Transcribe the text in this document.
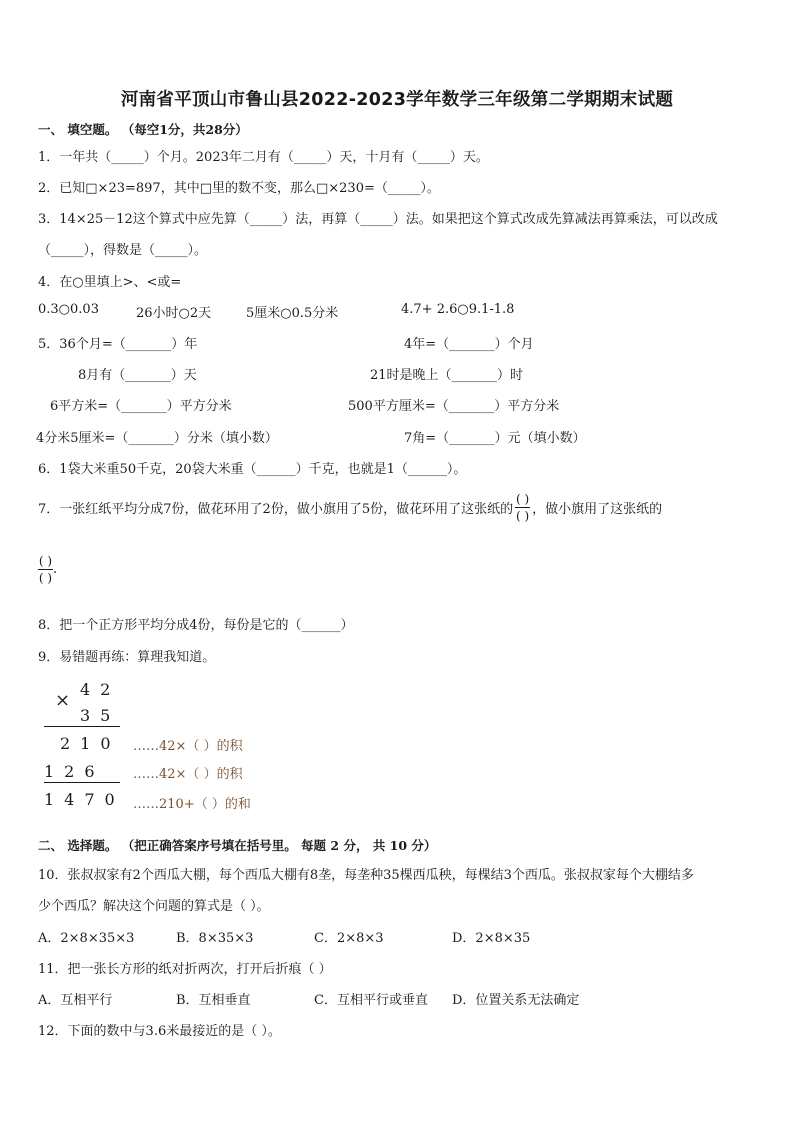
河南省平顶山市鲁山县2022-2023学年数学三年级第二学期期末试题
一、 填空题。 （每空1分，共28分）
1．一年共（_____）个月。2023年二月有（_____）天，十月有（_____）天。
2．已知□×23=897，其中□里的数不变，那么□×230=（_____）。
3．14×25－12这个算式中应先算（_____）法，再算（_____）法。如果把这个算式改成先算减法再算乘法，可以改成
（_____），得数是（_____）。
4．在○里填上>、<或=
0.3○0.03	26小时○2天	5厘米○0.5分米	4.7+ 2.6○9.1-1.8
5．36个月=（_______）年	4年=（_______）个月
8月有（_______）天	21时是晚上（_______）时
6平方米=（_______）平方分米	500平方厘米=（_______）平方分米
4分米5厘米=（_______）分米（填小数）	7角=（_______）元（填小数）
6．1袋大米重50千克，20袋大米重（______）千克，也就是1（______）。
7．一张红纸平均分成7份，做花环用了2份，做小旗用了5份，做花环用了这张纸的 $\frac{( )}{( )}$ ，做小旗用了这张纸的
$\frac{( )}{( )}$ .
8．把一个正方形平均分成4份，每份是它的（______）
9．易错题再练：算理我知道。
42
×
35
210 ……42×（ ）的积
126 ……42×（ ）的积
1470 ……210+（ ）的和
二、 选择题。 （把正确答案序号填在括号里。 每题 2 分， 共 10 分）
10．张叔叔家有2个西瓜大棚，每个西瓜大棚有8垄，每垄种35棵西瓜秧，每棵结3个西瓜。张叔叔家每个大棚结多
少个西瓜？解决这个问题的算式是（ ）。
A．2×8×35×3	B．8×35×3	C．2×8×3	D．2×8×35
11．把一张长方形的纸对折两次，打开后折痕（ ）
A．互相平行	B．互相垂直	C．互相平行或垂直 D．位置关系无法确定
12．下面的数中与3.6米最接近的是（ ）。
